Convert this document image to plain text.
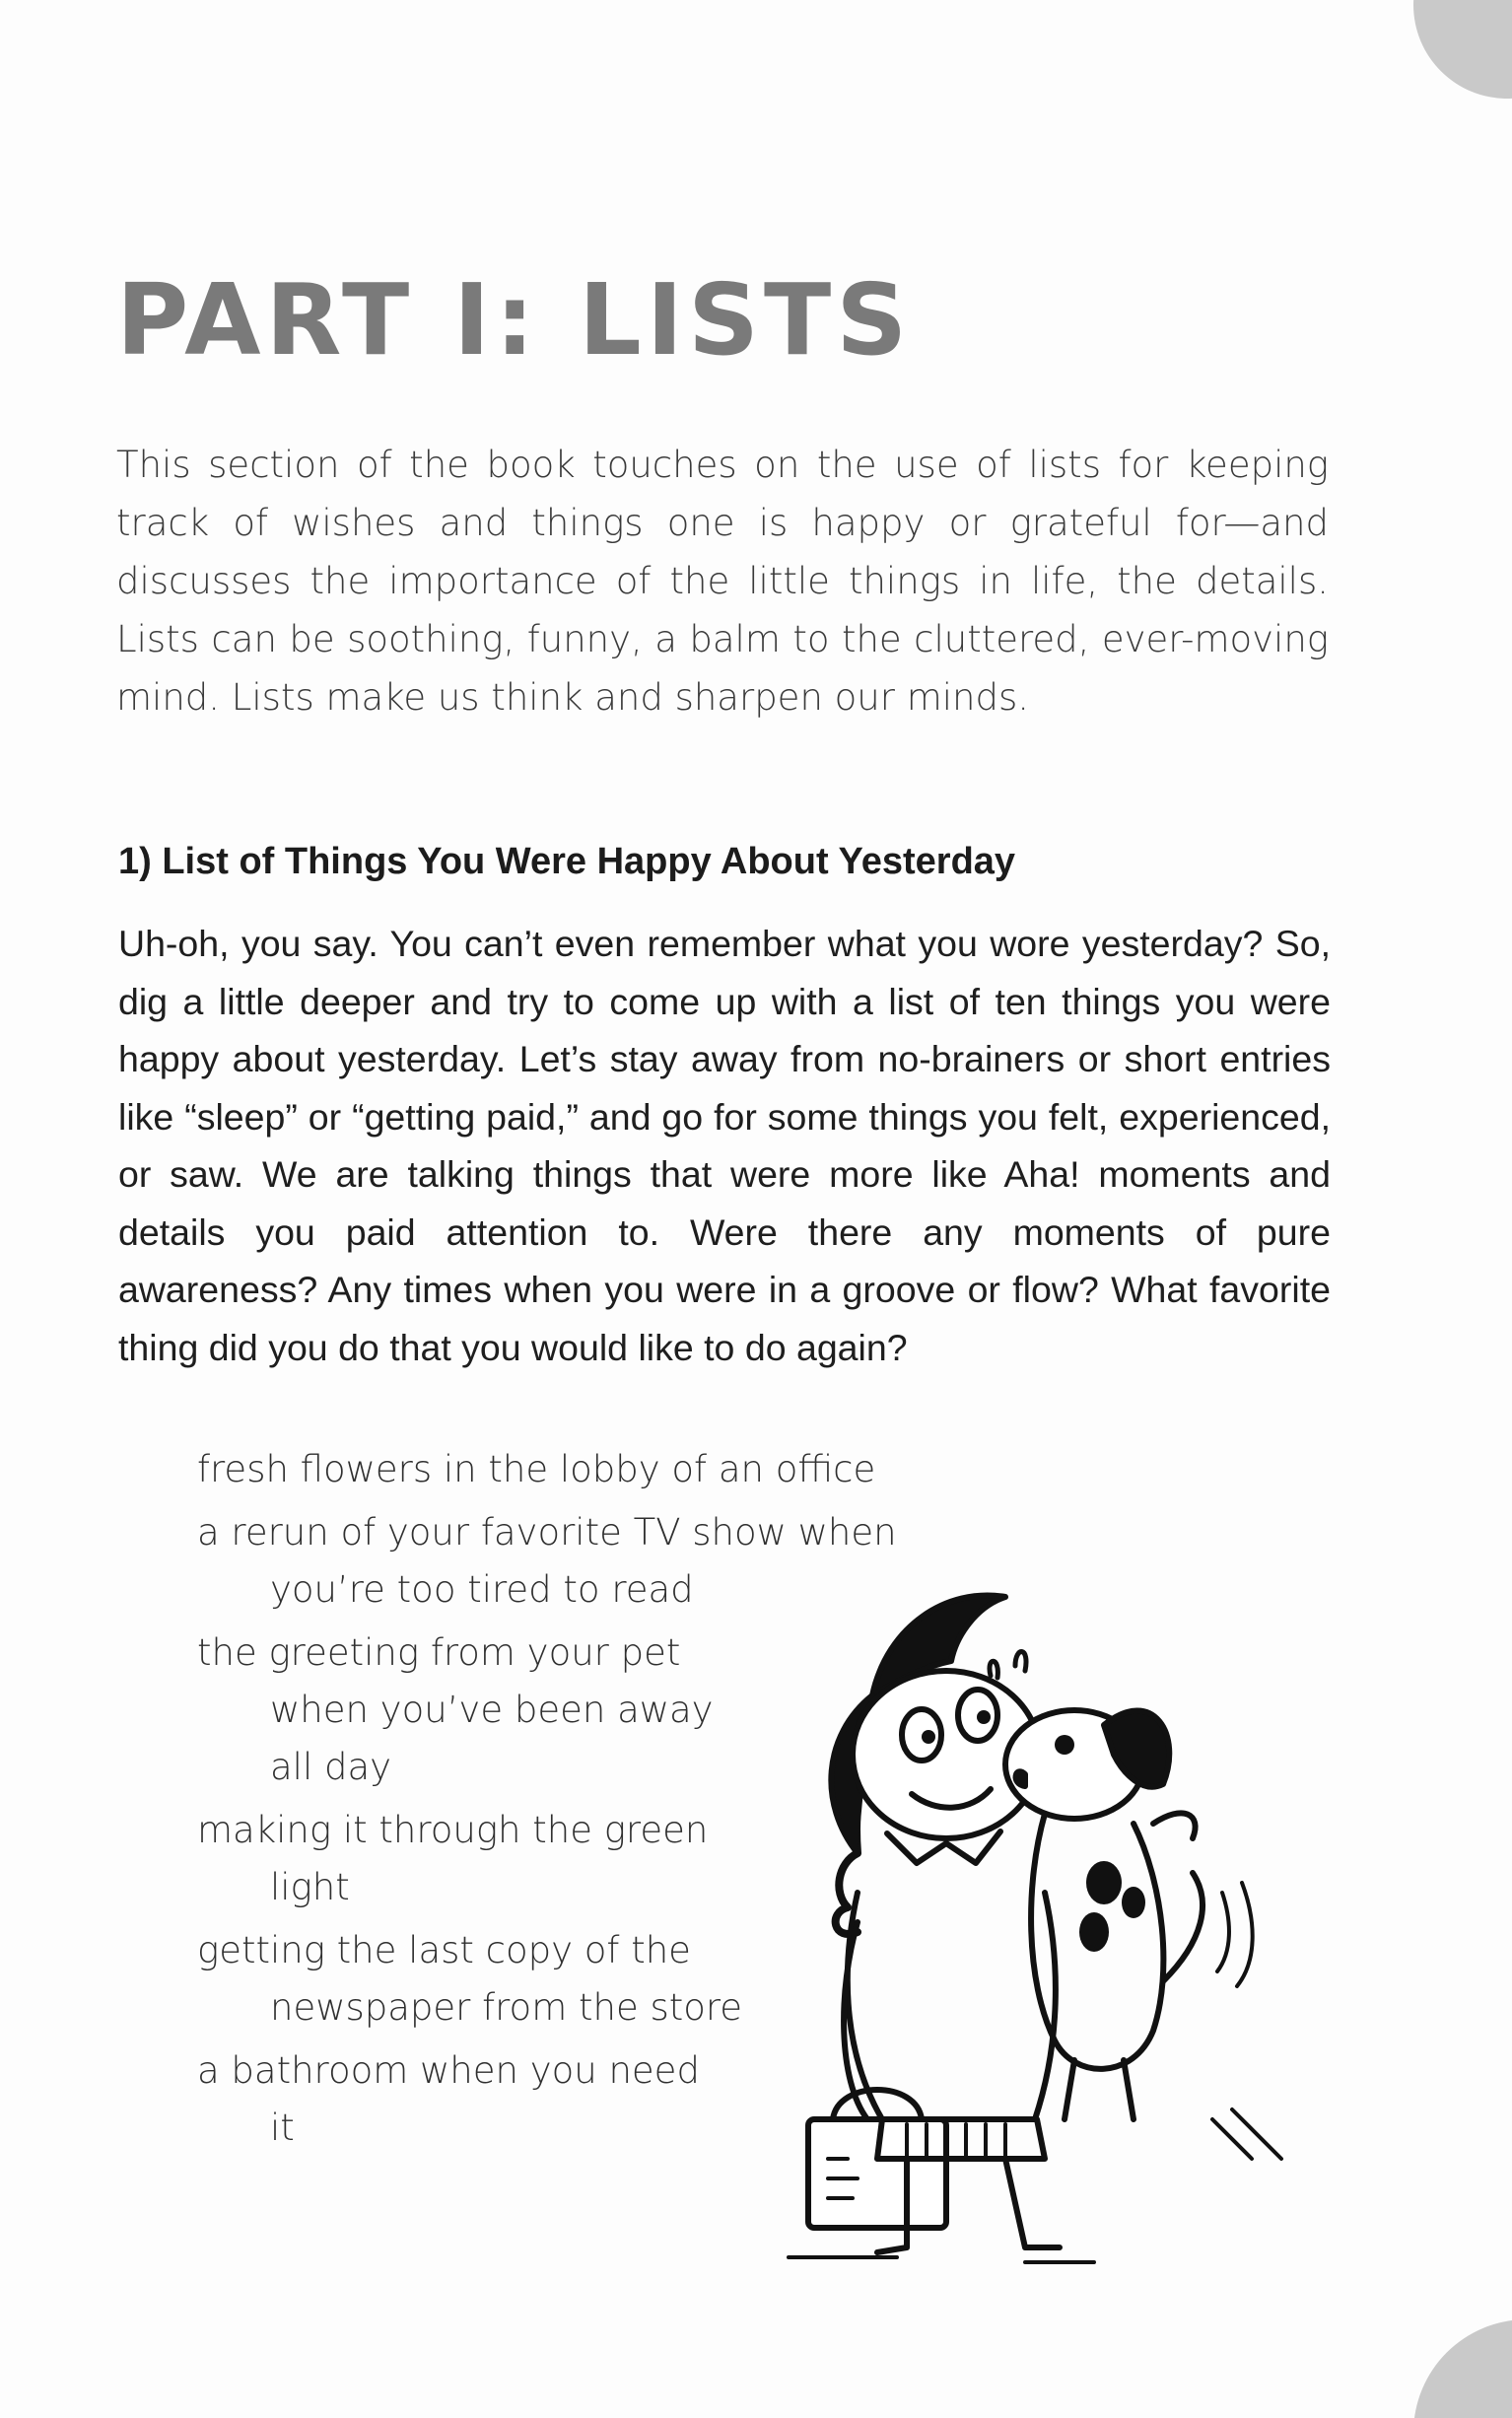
PART I: LISTS

This section of the book touches on the use of lists for keeping track of wishes and things one is happy or grateful for—and discusses the importance of the little things in life, the details. Lists can be soothing, funny, a balm to the cluttered, ever-moving mind. Lists make us think and sharpen our minds.

1) List of Things You Were Happy About Yesterday

Uh-oh, you say. You can’t even remember what you wore yesterday? So, dig a little deeper and try to come up with a list of ten things you were happy about yesterday. Let’s stay away from no-brainers or short entries like “sleep” or “getting paid,” and go for some things you felt, experienced, or saw. We are talking things that were more like Aha! moments and details you paid attention to. Were there any moments of pure awareness? Any times when you were in a groove or flow? What favorite thing did you do that you would like to do again?

fresh flowers in the lobby of an office
a rerun of your favorite TV show when you’re too tired to read
the greeting from your pet when you’ve been away all day
making it through the green light
getting the last copy of the newspaper from the store
a bathroom when you need it
